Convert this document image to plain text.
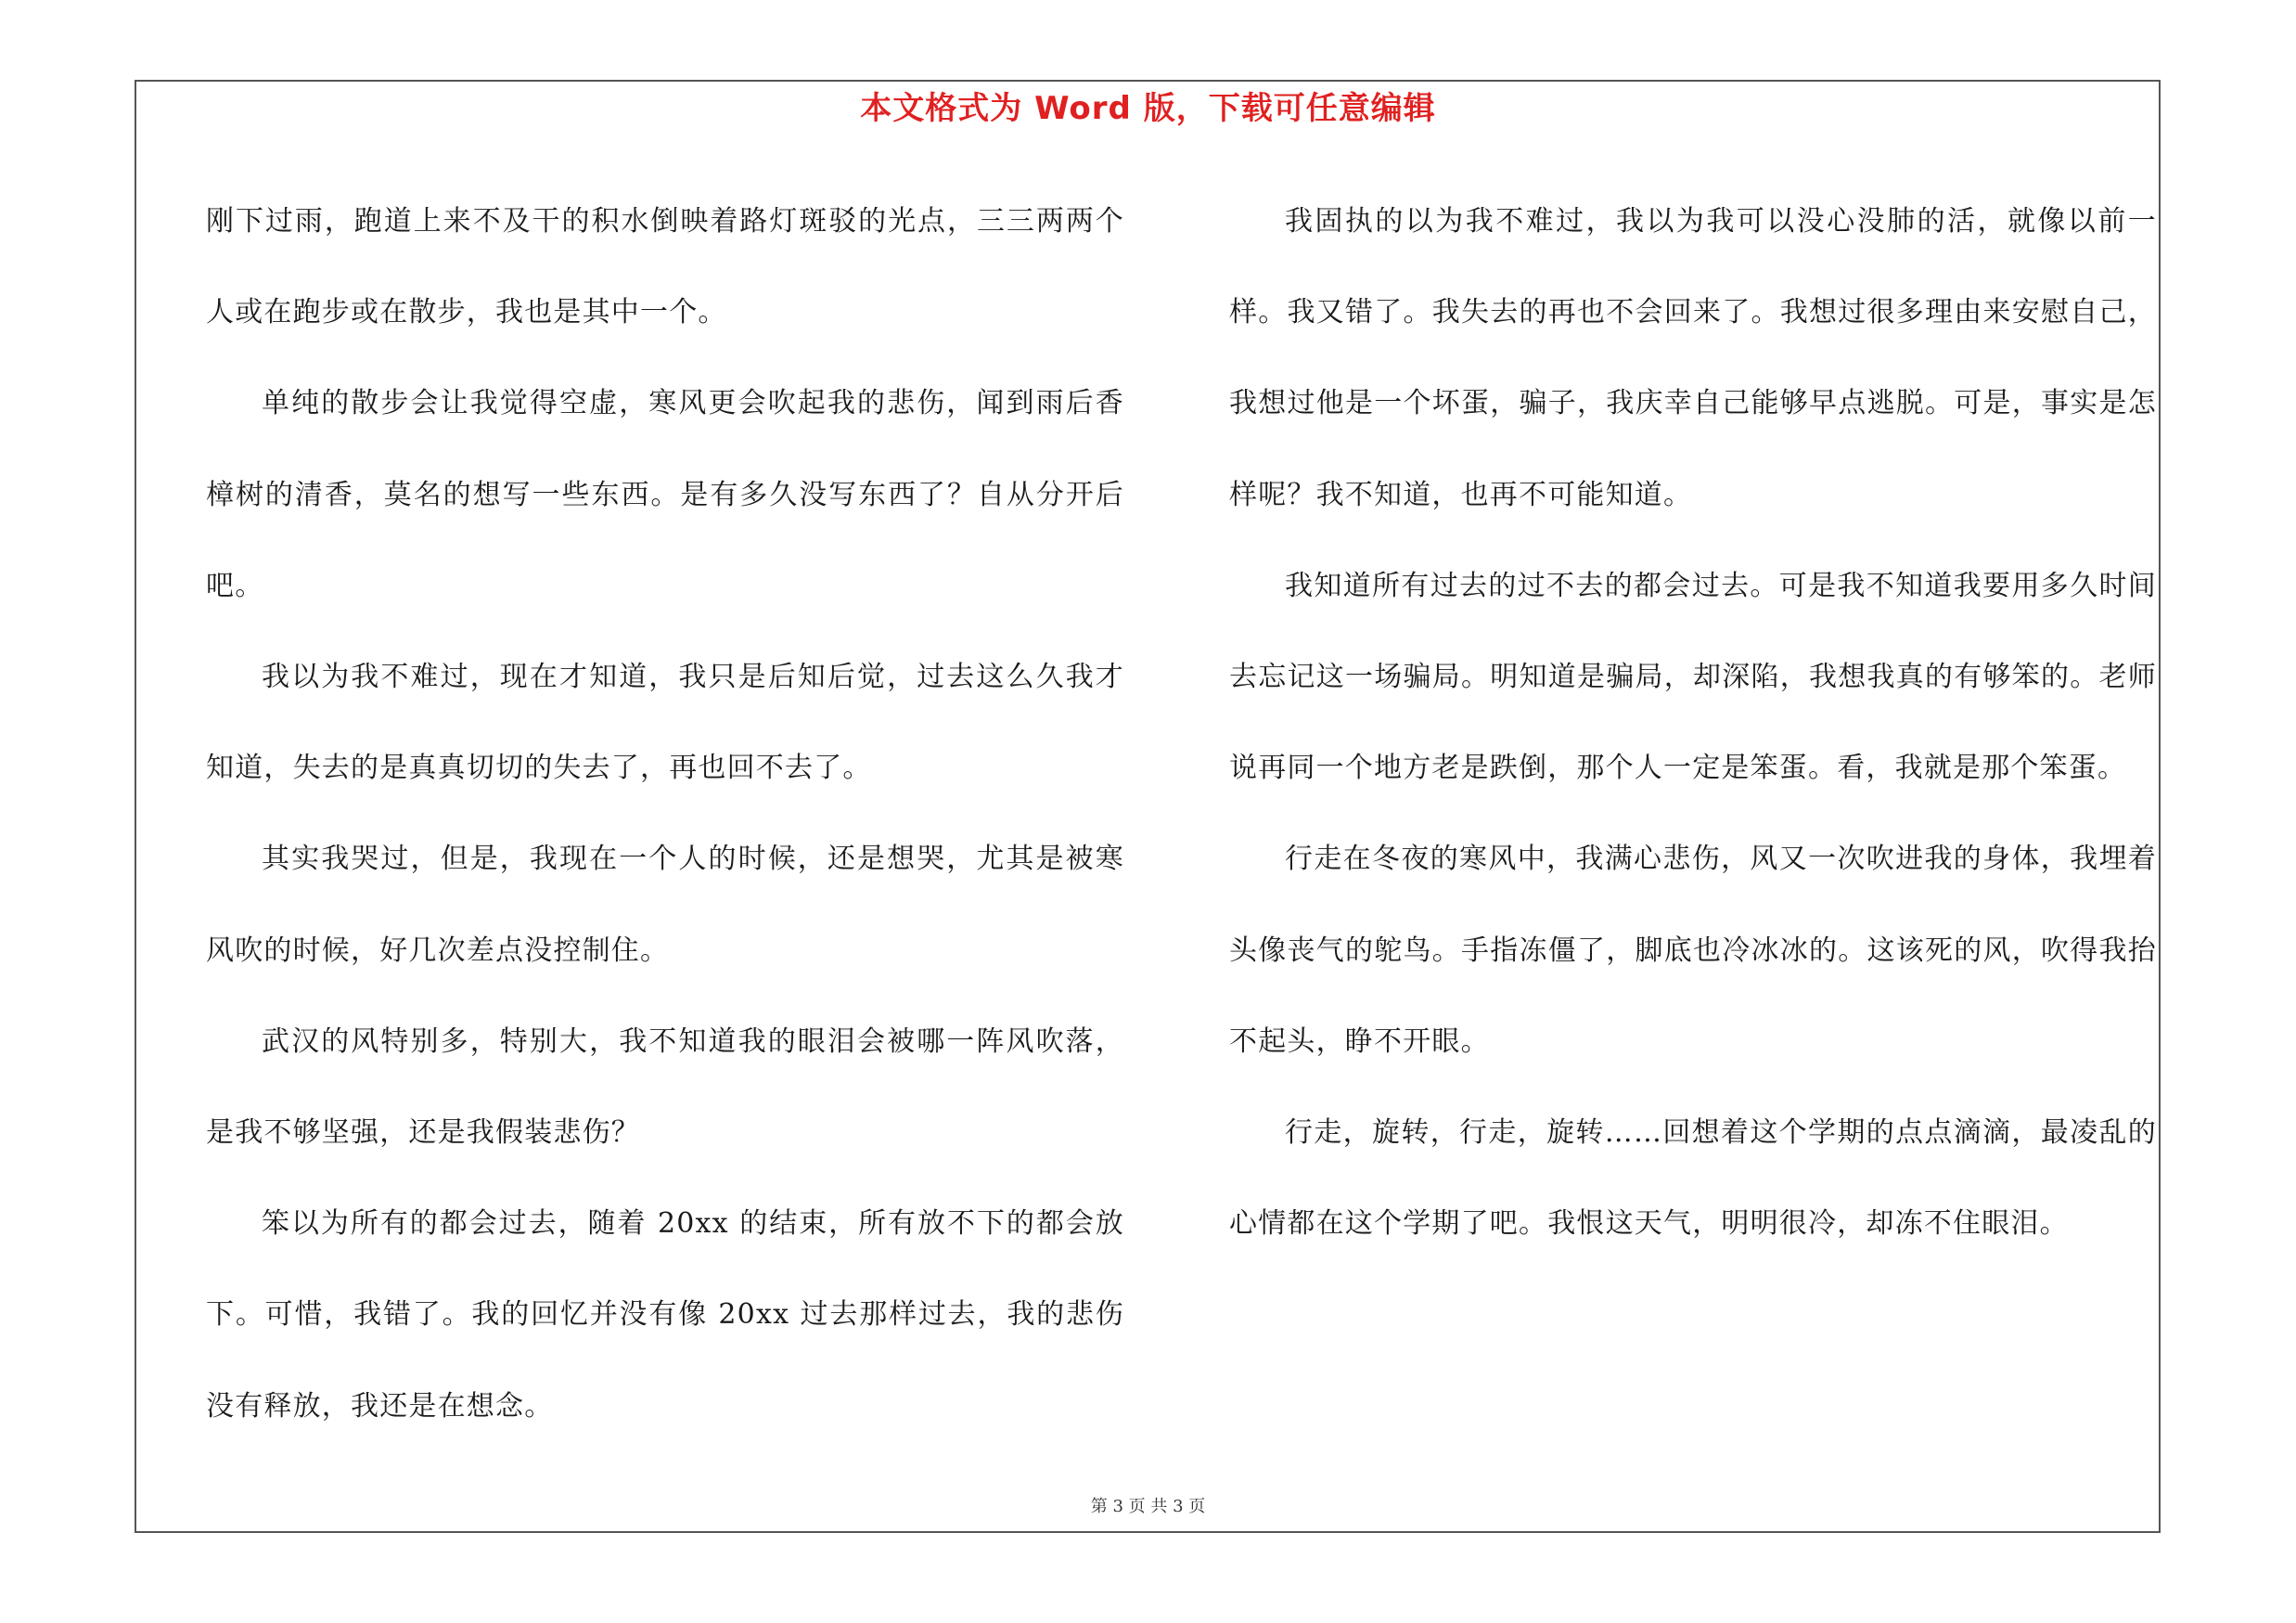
本文格式为 Word 版，下载可任意编辑

刚下过雨，跑道上来不及干的积水倒映着路灯斑驳的光点，三三两两个人或在跑步或在散步，我也是其中一个。

单纯的散步会让我觉得空虚，寒风更会吹起我的悲伤，闻到雨后香樟树的清香，莫名的想写一些东西。是有多久没写东西了？自从分开后吧。

我以为我不难过，现在才知道，我只是后知后觉，过去这么久我才知道，失去的是真真切切的失去了，再也回不去了。

其实我哭过，但是，我现在一个人的时候，还是想哭，尤其是被寒风吹的时候，好几次差点没控制住。

武汉的风特别多，特别大，我不知道我的眼泪会被哪一阵风吹落，是我不够坚强，还是我假装悲伤？

笨以为所有的都会过去，随着 20xx 的结束，所有放不下的都会放下。可惜，我错了。我的回忆并没有像 20xx 过去那样过去，我的悲伤没有释放，我还是在想念。

我固执的以为我不难过，我以为我可以没心没肺的活，就像以前一样。我又错了。我失去的再也不会回来了。我想过很多理由来安慰自己，我想过他是一个坏蛋，骗子，我庆幸自己能够早点逃脱。可是，事实是怎样呢？我不知道，也再不可能知道。

我知道所有过去的过不去的都会过去。可是我不知道我要用多久时间去忘记这一场骗局。明知道是骗局，却深陷，我想我真的有够笨的。老师说再同一个地方老是跌倒，那个人一定是笨蛋。看，我就是那个笨蛋。

行走在冬夜的寒风中，我满心悲伤，风又一次吹进我的身体，我埋着头像丧气的鸵鸟。手指冻僵了，脚底也冷冰冰的。这该死的风，吹得我抬不起头，睁不开眼。

行走，旋转，行走，旋转……回想着这个学期的点点滴滴，最凌乱的心情都在这个学期了吧。我恨这天气，明明很冷，却冻不住眼泪。

第 3 页 共 3 页
